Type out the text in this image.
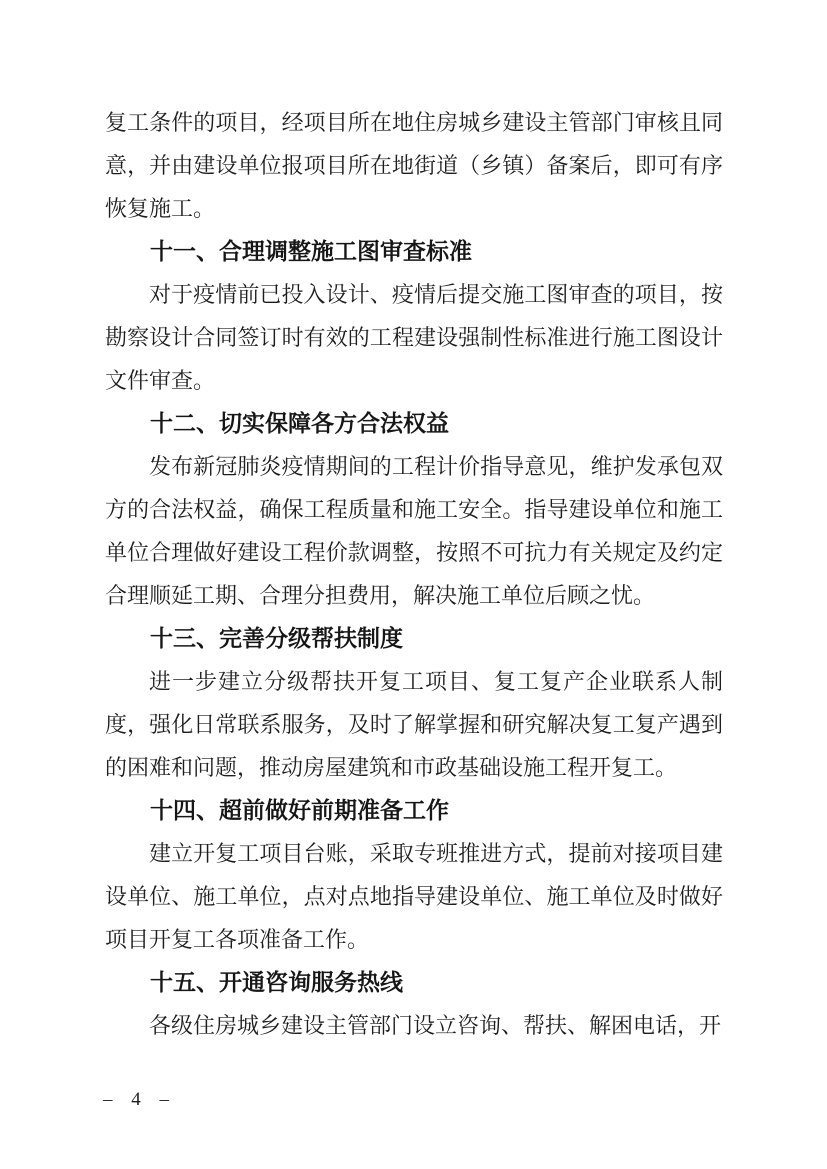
复工条件的项目，经项目所在地住房城乡建设主管部门审核且同意，并由建设单位报项目所在地街道（乡镇）备案后，即可有序恢复施工。

十一、合理调整施工图审查标准

对于疫情前已投入设计、疫情后提交施工图审查的项目，按勘察设计合同签订时有效的工程建设强制性标准进行施工图设计文件审查。

十二、切实保障各方合法权益

发布新冠肺炎疫情期间的工程计价指导意见，维护发承包双方的合法权益，确保工程质量和施工安全。指导建设单位和施工单位合理做好建设工程价款调整，按照不可抗力有关规定及约定合理顺延工期、合理分担费用，解决施工单位后顾之忧。

十三、完善分级帮扶制度

进一步建立分级帮扶开复工项目、复工复产企业联系人制度，强化日常联系服务，及时了解掌握和研究解决复工复产遇到的困难和问题，推动房屋建筑和市政基础设施工程开复工。

十四、超前做好前期准备工作

建立开复工项目台账，采取专班推进方式，提前对接项目建设单位、施工单位，点对点地指导建设单位、施工单位及时做好项目开复工各项准备工作。

十五、开通咨询服务热线

各级住房城乡建设主管部门设立咨询、帮扶、解困电话，开

– 4 –
